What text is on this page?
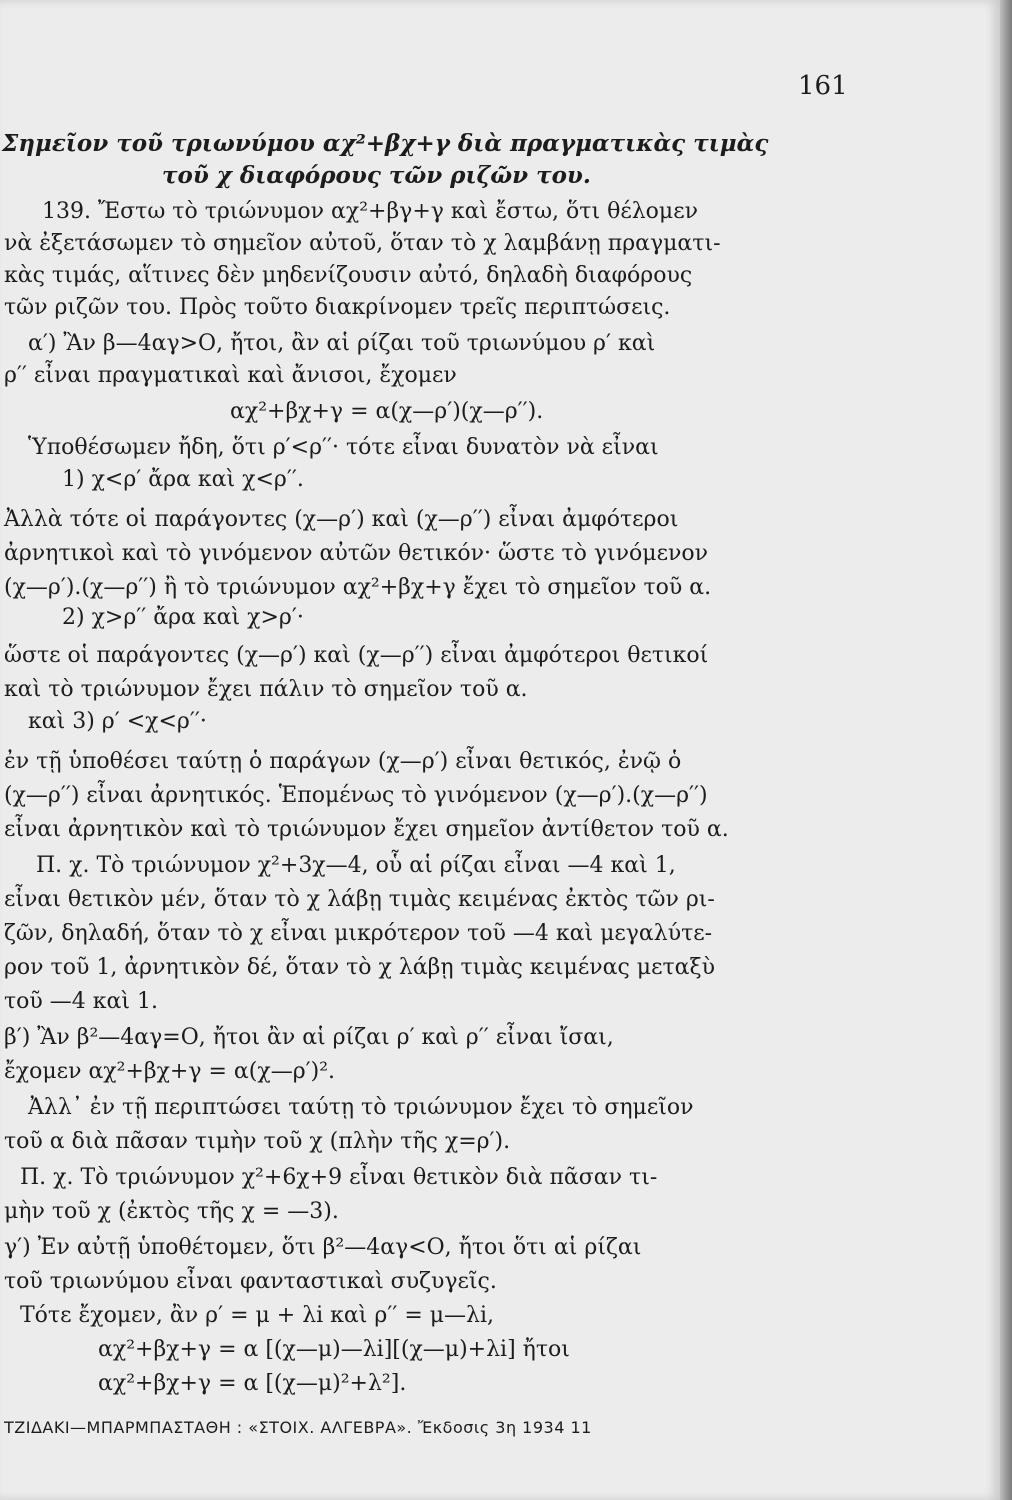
161
Σημεῖον τοῦ τριωνύμου αχ²+βχ+γ διὰ πραγματικὰς τιμὰς
τοῦ χ διαφόρους τῶν ριζῶν του.
139. Ἔστω τὸ τριώνυμον αχ²+βγ+γ καὶ ἔστω, ὅτι θέλομεν
νὰ ἐξετάσωμεν τὸ σημεῖον αὐτοῦ, ὅταν τὸ χ λαμβάνῃ πραγματι-
κὰς τιμάς, αἵτινες δὲν μηδενίζουσιν αὐτό, δηλαδὴ διαφόρους
τῶν ριζῶν του. Πρὸς τοῦτο διακρίνομεν τρεῖς περιπτώσεις.
α′) Ἂν β—4αγ>Ο, ἤτοι, ἂν αἱ ρίζαι τοῦ τριωνύμου ρ′ καὶ
ρ′′ εἶναι πραγματικαὶ καὶ ἄνισοι, ἔχομεν
αχ²+βχ+γ = α(χ—ρ′)(χ—ρ′′).
Ὑποθέσωμεν ἤδη, ὅτι ρ′<ρ′′· τότε εἶναι δυνατὸν νὰ εἶναι
1) χ<ρ′ ἄρα καὶ χ<ρ′′.
Ἀλλὰ τότε οἱ παράγοντες (χ—ρ′) καὶ (χ—ρ′′) εἶναι ἀμφότεροι
ἀρνητικοὶ καὶ τὸ γινόμενον αὐτῶν θετικόν· ὥστε τὸ γινόμενον
(χ—ρ′).(χ—ρ′′) ἢ τὸ τριώνυμον αχ²+βχ+γ ἔχει τὸ σημεῖον τοῦ α.
2) χ>ρ′′ ἄρα καὶ χ>ρ′·
ὥστε οἱ παράγοντες (χ—ρ′) καὶ (χ—ρ′′) εἶναι ἀμφότεροι θετικοί
καὶ τὸ τριώνυμον ἔχει πάλιν τὸ σημεῖον τοῦ α.
καὶ 3) ρ′ <χ<ρ′′·
ἐν τῇ ὑποθέσει ταύτῃ ὁ παράγων (χ—ρ′) εἶναι θετικός, ἐνῷ ὁ
(χ—ρ′′) εἶναι ἀρνητικός. Ἑπομένως τὸ γινόμενον (χ—ρ′).(χ—ρ′′)
εἶναι ἀρνητικὸν καὶ τὸ τριώνυμον ἔχει σημεῖον ἀντίθετον τοῦ α.
Π. χ. Τὸ τριώνυμον χ²+3χ—4, οὗ αἱ ρίζαι εἶναι —4 καὶ 1,
εἶναι θετικὸν μέν, ὅταν τὸ χ λάβῃ τιμὰς κειμένας ἐκτὸς τῶν ρι-
ζῶν, δηλαδή, ὅταν τὸ χ εἶναι μικρότερον τοῦ —4 καὶ μεγαλύτε-
ρον τοῦ 1, ἀρνητικὸν δέ, ὅταν τὸ χ λάβῃ τιμὰς κειμένας μεταξὺ
τοῦ —4 καὶ 1.
β′) Ἂν β²—4αγ=Ο, ἤτοι ἂν αἱ ρίζαι ρ′ καὶ ρ′′ εἶναι ἴσαι,
ἔχομεν αχ²+βχ+γ = α(χ—ρ′)².
Ἀλλ᾽ ἐν τῇ περιπτώσει ταύτῃ τὸ τριώνυμον ἔχει τὸ σημεῖον
τοῦ α διὰ πᾶσαν τιμὴν τοῦ χ (πλὴν τῆς χ=ρ′).
Π. χ. Τὸ τριώνυμον χ²+6χ+9 εἶναι θετικὸν διὰ πᾶσαν τι-
μὴν τοῦ χ (ἐκτὸς τῆς χ = —3).
γ′) Ἐν αὐτῇ ὑποθέτομεν, ὅτι β²—4αγ<Ο, ἤτοι ὅτι αἱ ρίζαι
τοῦ τριωνύμου εἶναι φανταστικαὶ συζυγεῖς.
Τότε ἔχομεν, ἂν ρ′ = μ + λi καὶ ρ′′ = μ—λi,
αχ²+βχ+γ = α [(χ—μ)—λi][(χ—μ)+λi] ἤτοι
αχ²+βχ+γ = α [(χ—μ)²+λ²].
ΤΖΙΔΑΚΙ—ΜΠΑΡΜΠΑΣΤΑΘΗ : «ΣΤΟΙΧ. ΑΛΓΕΒΡΑ». Ἔκδοσις 3η 1934 11
